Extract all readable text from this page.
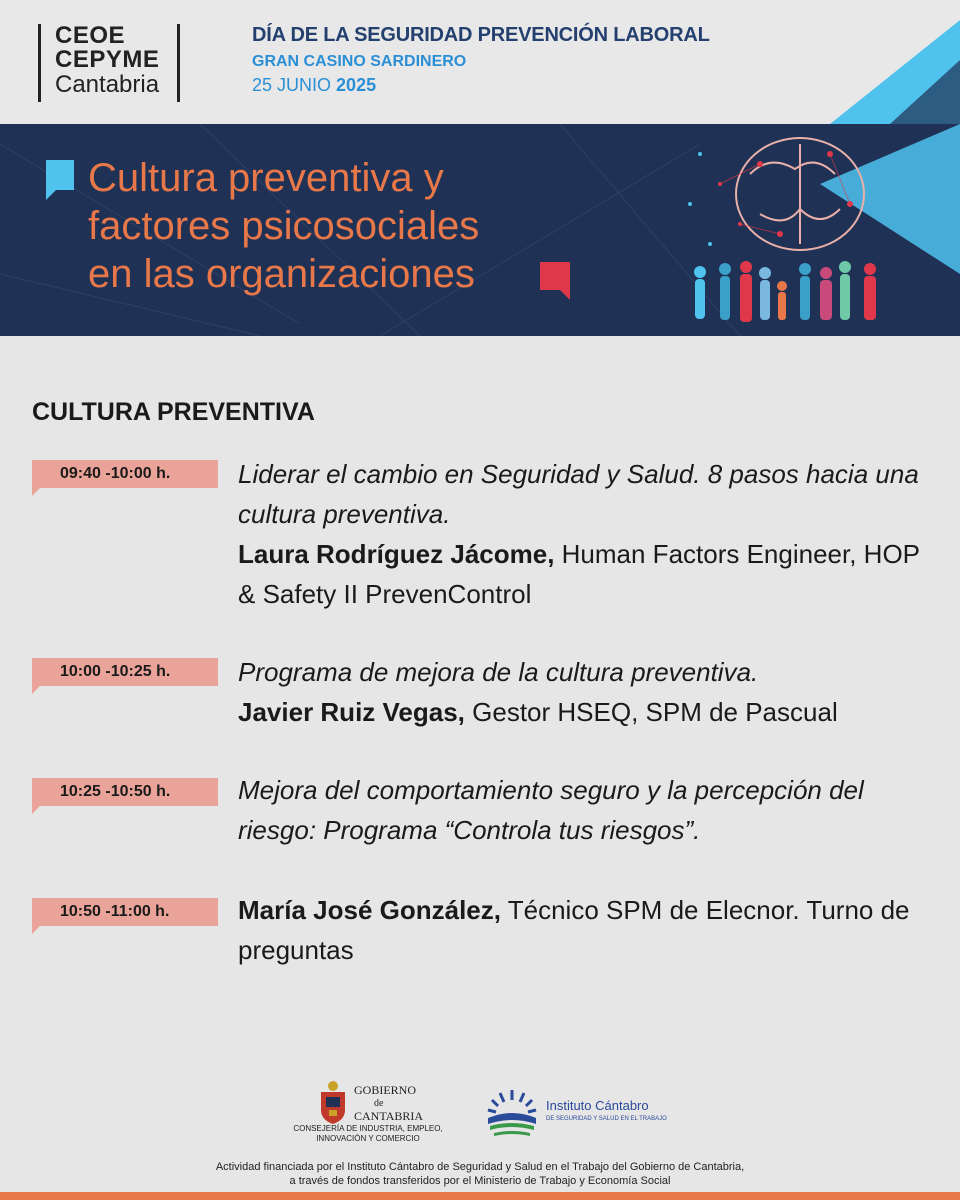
CEOE
CEPYME
Cantabria
DÍA DE LA SEGURIDAD PREVENCIÓN LABORAL
GRAN CASINO SARDINERO
25 JUNIO 2025
Cultura preventiva y
factores psicosociales
en las organizaciones
CULTURA PREVENTIVA
09:40 -10:00 h.	Liderar el cambio en Seguridad y Salud. 8 pasos hacia una cultura preventiva.
Laura Rodríguez Jácome, Human Factors Engineer, HOP & Safety II PrevenControl
10:00 -10:25 h.	Programa de mejora de la cultura preventiva.
Javier Ruiz Vegas, Gestor HSEQ, SPM de Pascual
10:25 -10:50 h.	Mejora del comportamiento seguro y la percepción del riesgo: Programa “Controla tus riesgos”.
10:50 -11:00 h.	María José González, Técnico SPM de Elecnor. Turno de preguntas
GOBIERNO
de
CANTABRIA
CONSEJERÍA DE INDUSTRIA, EMPLEO, INNOVACIÓN Y COMERCIO
Instituto Cántabro
DE SEGURIDAD Y SALUD EN EL TRABAJO
Actividad financiada por el Instituto Cántabro de Seguridad y Salud en el Trabajo del Gobierno de Cantabria,
a través de fondos transferidos por el Ministerio de Trabajo y Economía Social
